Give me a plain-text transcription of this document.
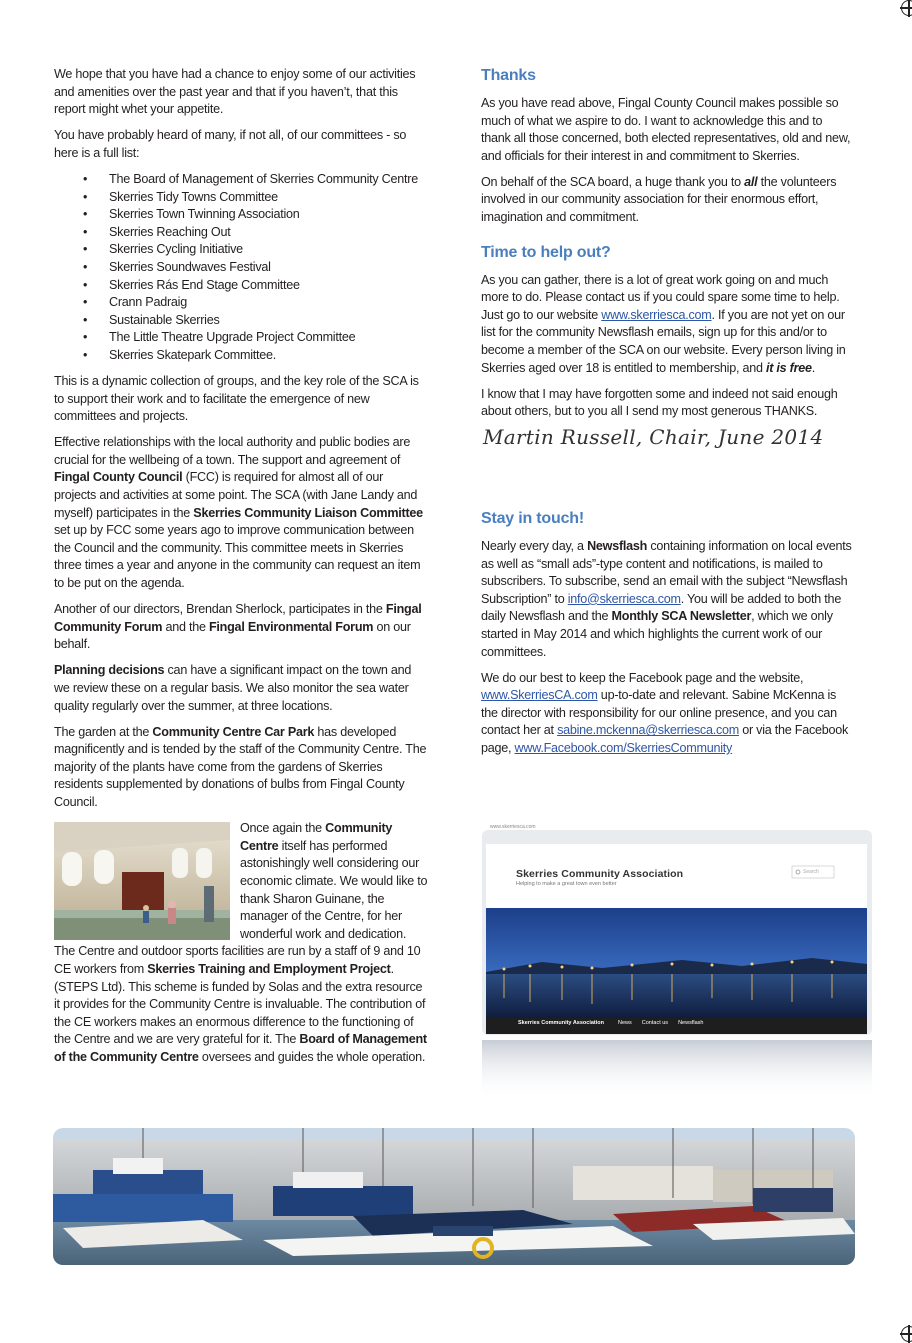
We hope that you have had a chance to enjoy some of our activities and amenities over the past year and that if you haven’t, that this report might whet your appetite.

You have probably heard of many, if not all, of our committees - so here is a full list:

• The Board of Management of Skerries Community Centre
• Skerries Tidy Towns Committee
• Skerries Town Twinning Association
• Skerries Reaching Out
• Skerries Cycling Initiative
• Skerries Soundwaves Festival
• Skerries Rás End Stage Committee
• Crann Padraig
• Sustainable Skerries
• The Little Theatre Upgrade Project Committee
• Skerries Skatepark Committee.

This is a dynamic collection of groups, and the key role of the SCA is to support their work and to facilitate the emergence of new committees and projects.

Effective relationships with the local authority and public bodies are crucial for the wellbeing of a town. The support and agreement of Fingal County Council (FCC) is required for almost all of our projects and activities at some point. The SCA (with Jane Landy and myself) participates in the Skerries Community Liaison Committee set up by FCC some years ago to improve communication between the Council and the community. This committee meets in Skerries three times a year and anyone in the community can request an item to be put on the agenda.

Another of our directors, Brendan Sherlock, participates in the Fingal Community Forum and the Fingal Environmental Forum on our behalf.

Planning decisions can have a significant impact on the town and we review these on a regular basis. We also monitor the sea water quality regularly over the summer, at three locations.

The garden at the Community Centre Car Park has developed magnificently and is tended by the staff of the Community Centre. The majority of the plants have come from the gardens of Skerries residents supplemented by donations of bulbs from Fingal County Council.

Once again the Community Centre itself has performed astonishingly well considering our economic climate. We would like to thank Sharon Guinane, the manager of the Centre, for her wonderful work and dedication. The Centre and outdoor sports facilities are run by a staff of 9 and 10 CE workers from Skerries Training and Employment Project. (STEPS Ltd). This scheme is funded by Solas and the extra resource it provides for the Community Centre is invaluable. The contribution of the CE workers makes an enormous difference to the functioning of the Centre and we are very grateful for it. The Board of Management of the Community Centre oversees and guides the whole operation.

Thanks

As you have read above, Fingal County Council makes possible so much of what we aspire to do. I want to acknowledge this and to thank all those concerned, both elected representatives, old and new, and officials for their interest in and commitment to Skerries.

On behalf of the SCA board, a huge thank you to all the volunteers involved in our community association for their enormous effort, imagination and commitment.

Time to help out?

As you can gather, there is a lot of great work going on and much more to do. Please contact us if you could spare some time to help. Just go to our website www.skerriesca.com. If you are not yet on our list for the community Newsflash emails, sign up for this and/or to become a member of the SCA on our website. Every person living in Skerries aged over 18 is entitled to membership, and it is free.

I know that I may have forgotten some and indeed not said enough about others, but to you all I send my most generous THANKS.

Martin Russell, Chair, June 2014
Stay in touch!

Nearly every day, a Newsflash containing information on local events as well as “small ads”-type content and notifications, is mailed to subscribers. To subscribe, send an email with the subject “Newsflash Subscription” to info@skerriesca.com. You will be added to both the daily Newsflash and the Monthly SCA Newsletter, which we only started in May 2014 and which highlights the current work of our committees.

We do our best to keep the Facebook page and the website, www.SkerriesCA.com up-to-date and relevant. Sabine McKenna is the director with responsibility for our online presence, and you can contact her at sabine.mckenna@skerriesca.com or via the Facebook page, www.Facebook.com/SkerriesCommunity

www.skerriesca.com
Skerries Community Association
Helping to make a great town even better
Search
Skerries Community Association	News Contact us Newsflash
